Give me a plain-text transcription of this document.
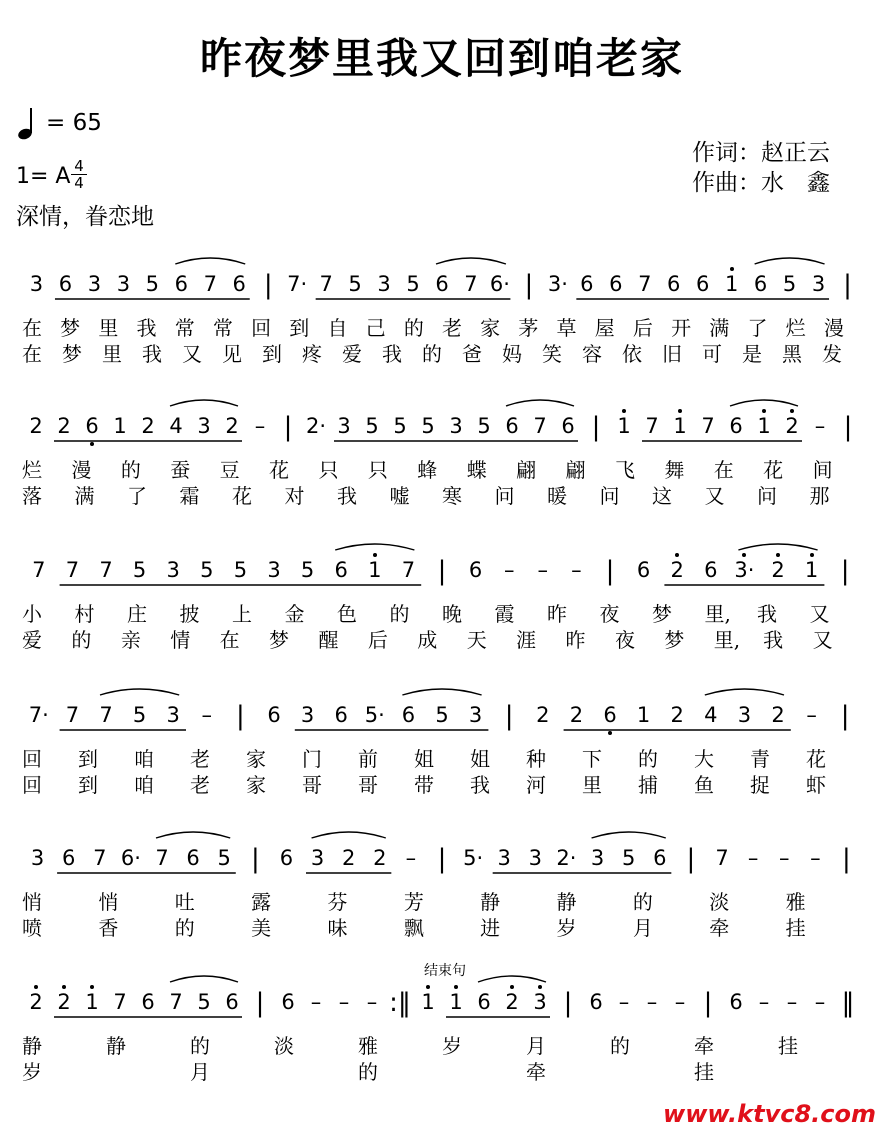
昨夜梦里我又回到咱老家
= 65
1= A 4
4
作词：赵正云
作曲：水　鑫
深情，眷恋地
3 6 3 3 5 6 7 6 | 7· 7 5 3 5 6 7 6· | 3· 6 6 7 6 6 1 6 5 3 |
在 梦 里 我 常 常 回 到 自 己 的 老 家 茅 草 屋 后 开 满 了 烂 漫
在 梦 里 我 又 见 到 疼 爱 我 的 爸 妈 笑 容 依 旧 可 是 黑 发
2 2 6 1 2 4 3 2 – | 2· 3 5 5 5 3 5 6 7 6 | 1 7 1 7 6 1 2 – |
烂 漫 的 蚕 豆 花 只 只 蜂 蝶 翩 翩 飞 舞 在 花 间
落 满 了 霜 花 对 我 嘘 寒 问 暖 问 这 又 问 那
7 7 7 5 3 5 5 3 5 6 1 7 |	6	–	–	– |	6 2 6 3· 2 1 |
小 村 庄 披 上 金 色 的 晚 霞 昨 夜 梦 里, 我 又
爱 的 亲 情 在 梦 醒 后 成 天 涯 昨 夜 梦 里, 我 又
7· 7 7 5 3	– |	6 3 6 5· 6 5 3 |	2 2 6 1 2 4 3 2	– |
回 到 咱 老 家 门 前 姐 姐 种 下 的 大 青 花
回 到 咱 老 家 哥 哥 带 我 河 里 捕 鱼 捉 虾
3 6 7 6· 7 6 5 | 6 3 2 2 – | 5· 3 3 2· 3 5 6 | 7 – – – |
悄	悄	吐	露	芬	芳	静	静	的	淡	雅
喷	香	的	美	味	飘	进	岁	月	牵	挂
结束句
2 2 1 7 6 7 5 6 | 6 – – – :‖ 1 1 6 2 3 | 6 – – – | 6 – – – ‖
静	静	的	淡	雅	岁	月	的	牵	挂
岁	月	的	牵	挂
www.ktvc8.com
